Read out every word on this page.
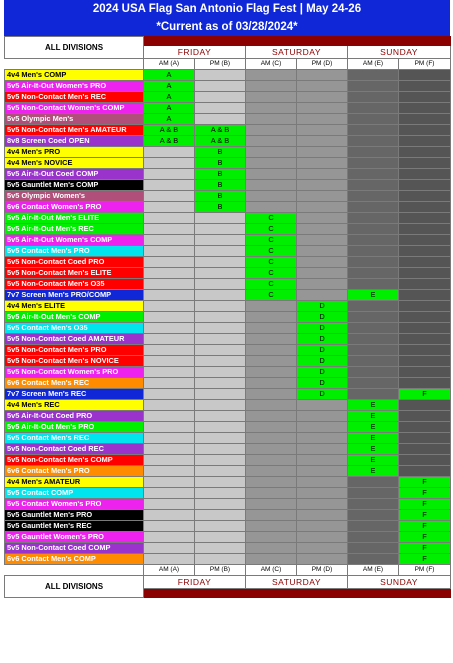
2024 USA Flag San Antonio Flag Fest | May 24-26
*Current as of 03/28/2024*
ALL DIVISIONS						
	FRIDAY		SATURDAY		SUNDAY	
	AM (A)	PM (B)	AM (C)	PM (D)	AM (E)	PM (F)
4v4 Men's COMP	A					
5v5 Air-It-Out Women's PRO	A					
5v5 Non-Contact Men's REC	A					
5v5 Non-Contact Women's COMP	A					
5v5 Olympic Men's	A					
5v5 Non-Contact Men's AMATEUR	A & B	A & B				
8v8 Screen Coed OPEN	A & B	A & B				
4v4 Men's PRO		B				
4v4 Men's NOVICE		B				
5v5 Air-It-Out Coed COMP		B				
5v5 Gauntlet Men's COMP		B				
5v5 Olympic Women's		B				
6v6 Contact Women's PRO		B				
5v5 Air-It-Out Men's ELITE			C			
5v5 Air-It-Out Men's REC			C			
5v5 Air-It-Out Women's COMP			C			
5v5 Contact Men's PRO			C			
5v5 Non-Contact Coed PRO			C			
5v5 Non-Contact Men's ELITE			C			
5v5 Non-Contact Men's O35			C			
7v7 Screen Men's PRO/COMP			C		E	
4v4 Men's ELITE				D		
5v5 Air-It-Out Men's COMP				D		
5v5 Contact Men's O35				D		
5v5 Non-Contact Coed AMATEUR				D		
5v5 Non-Contact Men's PRO				D		
5v5 Non-Contact Men's NOVICE				D		
5v5 Non-Contact Women's PRO				D		
6v6 Contact Men's REC				D		
7v7 Screen Men's REC				D		F
4v4 Men's REC					E	
5v5 Air-It-Out Coed PRO					E	
5v5 Air-It-Out Men's PRO					E	
5v5 Contact Men's REC					E	
5v5 Non-Contact Coed REC					E	
5v5 Non-Contact Men's COMP					E	
6v6 Contact Men's PRO					E	
4v4 Men's AMATEUR						F
5v5 Contact COMP						F
5v5 Contact Women's PRO						F
5v5 Gauntlet Men's PRO						F
5v5 Gauntlet Men's REC						F
5v5 Gauntlet Women's PRO						F
5v5 Non-Contact Coed COMP						F
6v6 Contact Men's COMP						F
	AM (A)	PM (B)	AM (C)	PM (D)	AM (E)	PM (F)
ALL DIVISIONS	FRIDAY		SATURDAY		SUNDAY	
